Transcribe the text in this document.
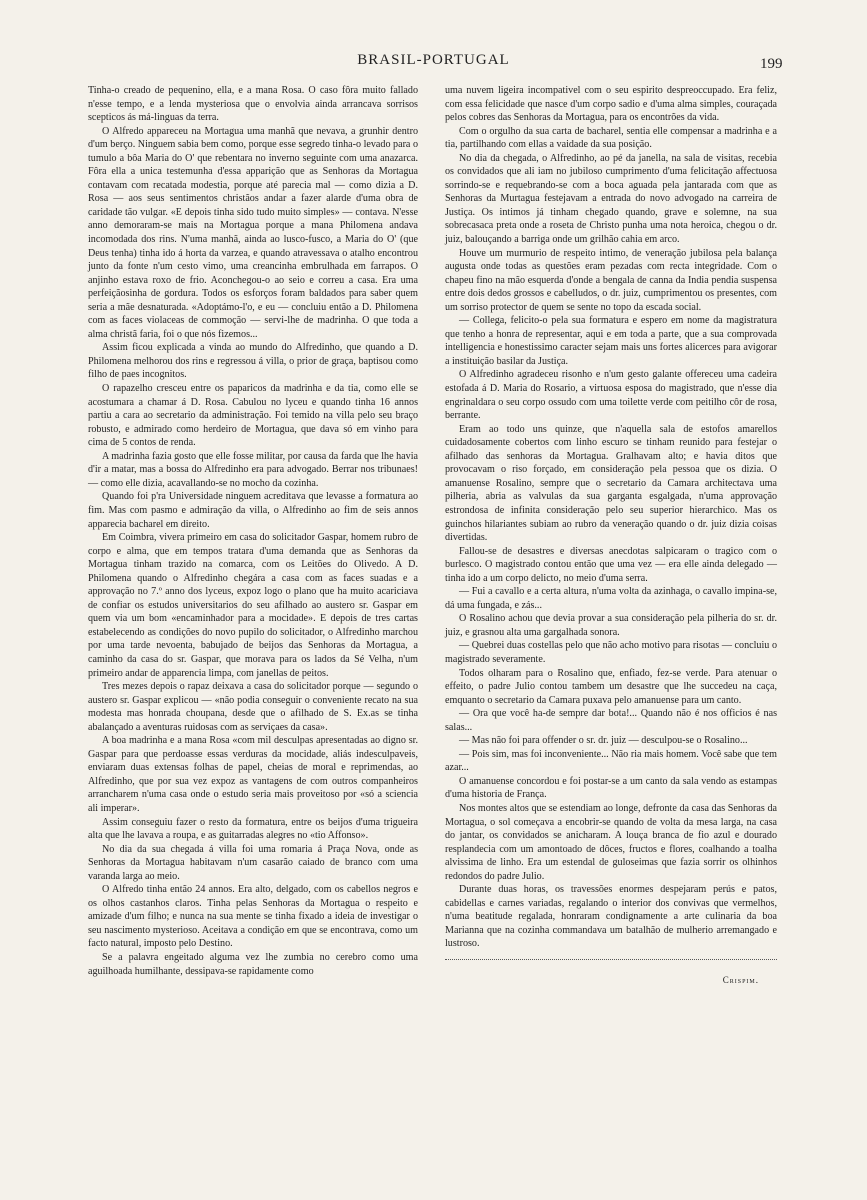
BRASIL-PORTUGAL	199

Tinha-o creado de pequenino, ella, e a mana Rosa. O caso fôra muito fallado n'esse tempo, e a lenda mysteriosa que o envolvia ainda arrancava sorrisos scepticos ás má-linguas da terra.

O Alfredo appareceu na Mortagua uma manhã que nevava, a grunhir dentro d'um berço. Ninguem sabia bem como, porque esse segredo tinha-o levado para o tumulo a bôa Maria do O' que rebentara no inverno seguinte com uma anazarca. Fôra ella a unica testemunha d'essa apparição que as Senhoras da Mortagua contavam com recatada modestia, porque até parecia mal — como dizia a D. Rosa — aos seus sentimentos christãos andar a fazer alarde d'uma obra de caridade tão vulgar. «E depois tinha sido tudo muito simples» — contava. N'esse anno demoraram-se mais na Mortagua porque a mana Philomena andava incomodada dos rins. N'uma manhã, ainda ao lusco-fusco, a Maria do O' (que Deus tenha) tinha ido á horta da varzea, e quando atravessava o atalho encontrou junto da fonte n'um cesto vimo, uma creancinha embrulhada em farrapos. O anjinho estava roxo de frio. Aconchegou-o ao seio e correu a casa. Era uma perfeiçãosinha de gordura. Todos os esforços foram baldados para saber quem seria a mãe desnaturada. «Adoptámo-l'o, e eu — concluiu então a D. Philomena com as faces violaceas de commoção — servi-lhe de madrinha. O que toda a alma christã faria, foi o que nós fizemos...

Assim ficou explicada a vinda ao mundo do Alfredinho, que quando a D. Philomena melhorou dos rins e regressou á villa, o prior de graça, baptisou como filho de paes incognitos.

O rapazelho cresceu entre os paparicos da madrinha e da tia, como elle se acostumara a chamar á D. Rosa. Cabulou no lyceu e quando tinha 16 annos partiu a cara ao secretario da administração. Foi temido na villa pelo seu braço robusto, e admirado como herdeiro de Mortagua, que dava só em vinho para cima de 5 contos de renda.

A madrinha fazia gosto que elle fosse militar, por causa da farda que lhe havia d'ir a matar, mas a bossa do Alfredinho era para advogado. Berrar nos tribunaes! — como elle dizia, acavallando-se no mocho da cozinha.

Quando foi p'ra Universidade ninguem acreditava que levasse a formatura ao fim. Mas com pasmo e admiração da villa, o Alfredinho ao fim de seis annos apparecia bacharel em direito.

Em Coimbra, vivera primeiro em casa do solicitador Gaspar, homem rubro de corpo e alma, que em tempos tratara d'uma demanda que as Senhoras da Mortagua tinham trazido na comarca, com os Leitões do Olivedo. A D. Philomena quando o Alfredinho chegára a casa com as faces suadas e a approvação no 7.º anno dos lyceus, expoz logo o plano que ha muito acariciava de confiar os estudos universitarios do seu afilhado ao austero sr. Gaspar em quem via um bom «encaminhador para a mocidade». E depois de tres cartas estabelecendo as condições do novo pupilo do solicitador, o Alfredinho marchou por uma tarde nevoenta, babujado de beijos das Senhoras da Mortagua, a caminho da casa do sr. Gaspar, que morava para os lados da Sé Velha, n'um primeiro andar de apparencia limpa, com janellas de peitos.

Tres mezes depois o rapaz deixava a casa do solicitador porque — segundo o austero sr. Gaspar explicou — «não podia conseguir o conveniente recato na sua modesta mas honrada choupana, desde que o afilhado de S. Ex.as se tinha abalançado a aventuras ruidosas com as serviçaes da casa».

A boa madrinha e a mana Rosa «com mil desculpas apresentadas ao digno sr. Gaspar para que perdoasse essas verduras da mocidade, aliás indesculpaveis, enviaram duas extensas folhas de papel, cheias de moral e reprimendas, ao Alfredinho, que por sua vez expoz as vantagens de com outros companheiros arrancharem n'uma casa onde o estudo seria mais proveitoso por «só a sciencia ali imperar».

Assim conseguiu fazer o resto da formatura, entre os beijos d'uma trigueira alta que lhe lavava a roupa, e as guitarradas alegres no «tio Affonso».

No dia da sua chegada á villa foi uma romaria á Praça Nova, onde as Senhoras da Mortagua habitavam n'um casarão caiado de branco com uma varanda larga ao meio.

O Alfredo tinha então 24 annos. Era alto, delgado, com os cabellos negros e os olhos castanhos claros. Tinha pelas Senhoras da Mortagua o respeito e amizade d'um filho; e nunca na sua mente se tinha fixado a ideia de investigar o seu nascimento mysterioso. Aceitava a condição em que se encontrava, como um facto natural, imposto pelo Destino.

Se a palavra engeitado alguma vez lhe zumbia no cerebro como uma aguilhoada humilhante, dessipava-se rapidamente como

uma nuvem ligeira incompativel com o seu espirito despreoccupado. Era feliz, com essa felicidade que nasce d'um corpo sadio e d'uma alma simples, couraçada pelos cobres das Senhoras da Mortagua, para os encontrões da vida.

Com o orgulho da sua carta de bacharel, sentia elle compensar a madrinha e a tia, partilhando com ellas a vaidade da sua posição.

No dia da chegada, o Alfredinho, ao pé da janella, na sala de visitas, recebia os convidados que ali iam no jubiloso cumprimento d'uma felicitação affectuosa sorrindo-se e requebrando-se com a boca aguada pela jantarada com que as Senhoras da Murtagua festejavam a entrada do novo advogado na carreira de Justiça. Os intimos já tinham chegado quando, grave e solemne, na sua sobrecasaca preta onde a roseta de Christo punha uma nota heroica, chegou o dr. juiz, balouçando a barriga onde um grilhão cahia em arco.

Houve um murmurio de respeito intimo, de veneração jubilosa pela balança augusta onde todas as questões eram pezadas com recta integridade. Com o chapeu fino na mão esquerda d'onde a bengala de canna da India pendia suspensa entre dois dedos grossos e cabelludos, o dr. juiz, cumprimentou os presentes, com um sorriso protector de quem se sente no topo da escada social.

— Collega, felicito-o pela sua formatura e espero em nome da magistratura que tenho a honra de representar, aqui e em toda a parte, que a sua comprovada intelligencia e honestissimo caracter sejam mais uns fortes alicerces para avigorar a instituição basilar da Justiça.

O Alfredinho agradeceu risonho e n'um gesto galante offereceu uma cadeira estofada á D. Maria do Rosario, a virtuosa esposa do magistrado, que n'esse dia engrinaldara o seu corpo ossudo com uma toilette verde com peitilho côr de rosa, berrante.

Eram ao todo uns quinze, que n'aquella sala de estofos amarellos cuidadosamente cobertos com linho escuro se tinham reunido para festejar o afilhado das senhoras da Mortagua. Gralhavam alto; e havia ditos que provocavam o riso forçado, em consideração pela pessoa que os dizia. O amanuense Rosalino, sempre que o secretario da Camara architectava uma pilheria, abria as valvulas da sua garganta esgalgada, n'uma approvação estrondosa de infinita consideração pelo seu superior hierarchico. Mas os guinchos hilariantes subiam ao rubro da veneração quando o dr. juiz dizia coisas divertidas.

Fallou-se de desastres e diversas anecdotas salpicaram o tragico com o burlesco. O magistrado contou então que uma vez — era elle ainda delegado — tinha ido a um corpo delicto, no meio d'uma serra.

— Fui a cavallo e a certa altura, n'uma volta da azinhaga, o cavallo impina-se, dá uma fungada, e zás...

O Rosalino achou que devia provar a sua consideração pela pilheria do sr. dr. juiz, e grasnou alta uma gargalhada sonora.

— Quebrei duas costellas pelo que não acho motivo para risotas — concluiu o magistrado severamente.

Todos olharam para o Rosalino que, enfiado, fez-se verde. Para atenuar o effeito, o padre Julio contou tambem um desastre que lhe succedeu na caça, emquanto o secretario da Camara puxava pelo amanuense para um canto.

— Ora que você ha-de sempre dar bota!... Quando não é nos officios é nas salas...

— Mas não foi para offender o sr. dr. juiz — desculpou-se o Rosalino...

— Pois sim, mas foi inconveniente... Não ria mais homem. Você sabe que tem azar...

O amanuense concordou e foi postar-se a um canto da sala vendo as estampas d'uma historia de França.

Nos montes altos que se estendiam ao longe, defronte da casa das Senhoras da Mortagua, o sol começava a encobrir-se quando de volta da mesa larga, na casa do jantar, os convidados se anicharam. A louça branca de fio azul e dourado resplandecia com um amontoado de dôces, fructos e flores, coalhando a toalha alvissima de linho. Era um estendal de guloseimas que fazia sorrir os olhinhos redondos do padre Julio.

Durante duas horas, os travessões enormes despejaram perús e patos, cabidellas e carnes variadas, regalando o interior dos convivas que vermelhos, n'uma beatitude regalada, honraram condignamente a arte culinaria da boa Marianna que na cozinha commandava um batalhão de mulherio arremangado e lustroso.

Crispim.
